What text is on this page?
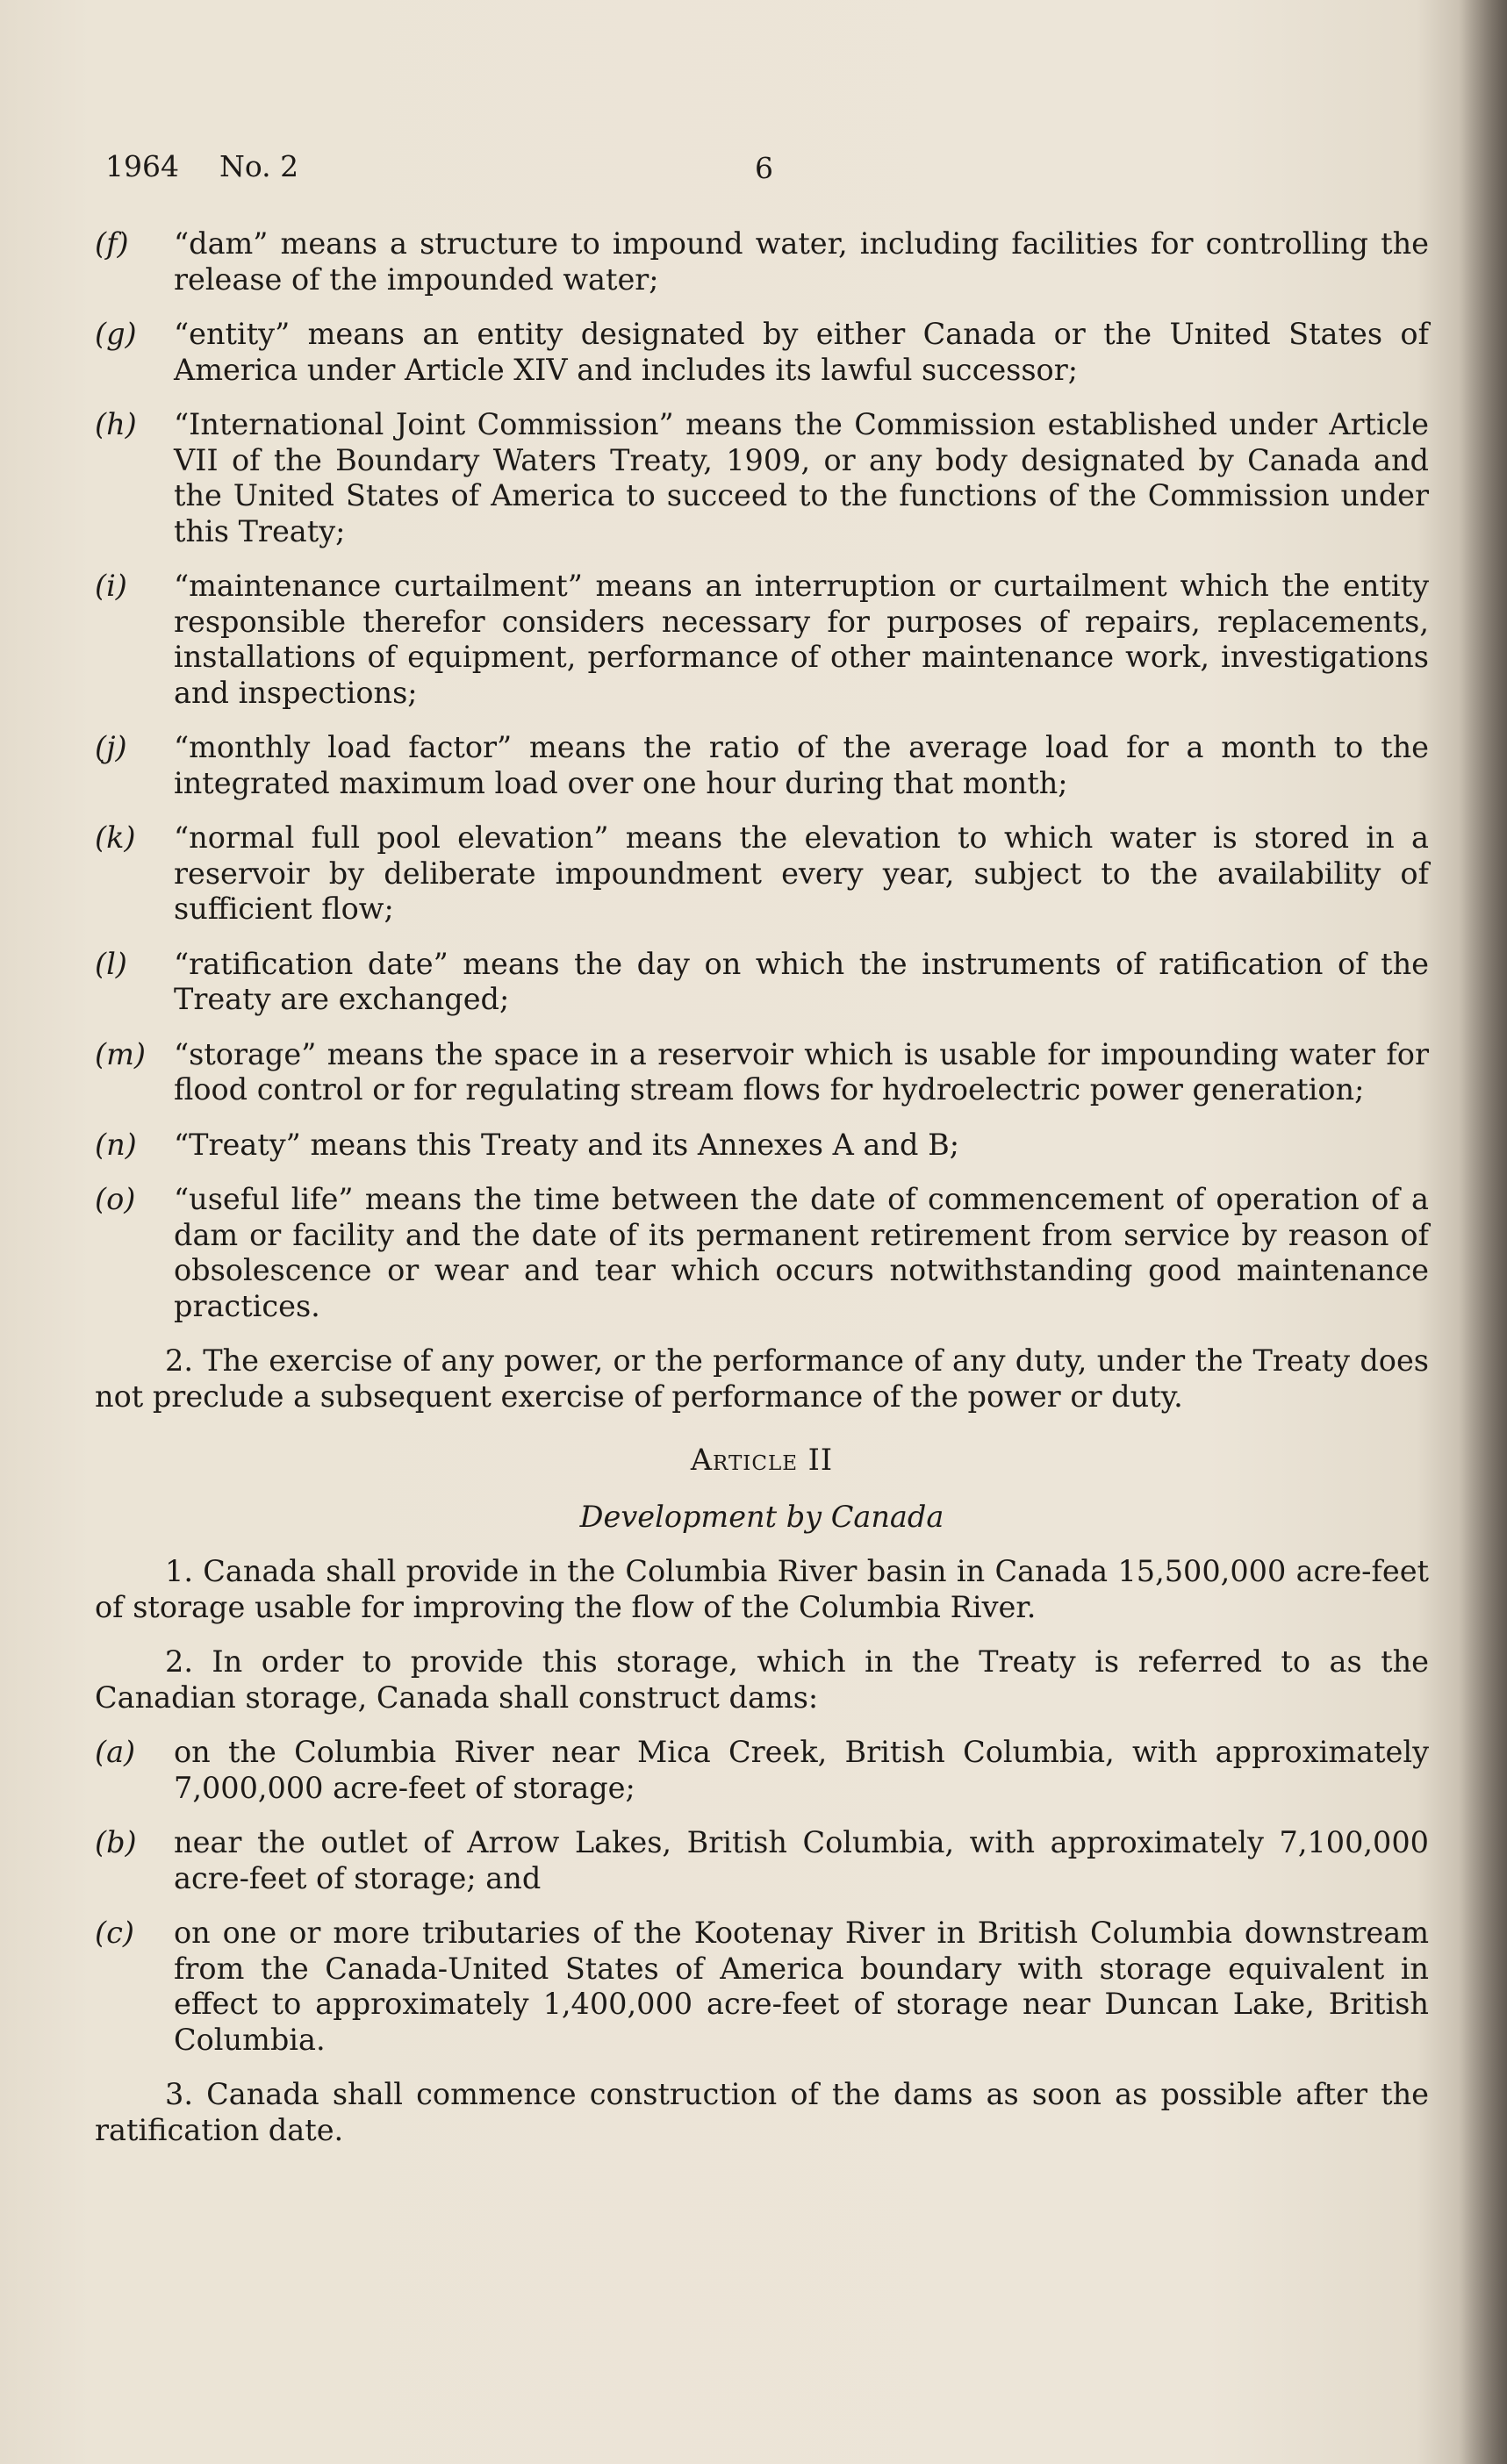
1964 No. 2	6
(f)	“dam” means a structure to impound water, including facilities for controlling the release of the impounded water;
(g)	“entity” means an entity designated by either Canada or the United States of America under Article XIV and includes its lawful successor;
(h)	“International Joint Commission” means the Commission established under Article VII of the Boundary Waters Treaty, 1909, or any body designated by Canada and the United States of America to succeed to the functions of the Commission under this Treaty;
(i)	“maintenance curtailment” means an interruption or curtailment which the entity responsible therefor considers necessary for purposes of repairs, replacements, installations of equipment, performance of other maintenance work, investigations and inspections;
(j)	“monthly load factor” means the ratio of the average load for a month to the integrated maximum load over one hour during that month;
(k)	“normal full pool elevation” means the elevation to which water is stored in a reservoir by deliberate impoundment every year, subject to the availability of sufficient flow;
(l)	“ratification date” means the day on which the instruments of ratification of the Treaty are exchanged;
(m) “storage” means the space in a reservoir which is usable for impounding water for flood control or for regulating stream flows for hydroelectric power generation;
(n)	“Treaty” means this Treaty and its Annexes A and B;
(o)	“useful life” means the time between the date of commencement of operation of a dam or facility and the date of its permanent retirement from service by reason of obsolescence or wear and tear which occurs notwithstanding good maintenance practices.

2. The exercise of any power, or the performance of any duty, under the Treaty does not preclude a subsequent exercise of performance of the power or duty.

Article II
Development by Canada

1. Canada shall provide in the Columbia River basin in Canada 15,500,000 acre-feet of storage usable for improving the flow of the Columbia River.

2. In order to provide this storage, which in the Treaty is referred to as the Canadian storage, Canada shall construct dams:

(a)	on the Columbia River near Mica Creek, British Columbia, with approximately 7,000,000 acre-feet of storage;
(b)	near the outlet of Arrow Lakes, British Columbia, with approximately 7,100,000 acre-feet of storage; and
(c)	on one or more tributaries of the Kootenay River in British Columbia downstream from the Canada-United States of America boundary with storage equivalent in effect to approximately 1,400,000 acre-feet of storage near Duncan Lake, British Columbia.

3. Canada shall commence construction of the dams as soon as possible after the ratification date.
